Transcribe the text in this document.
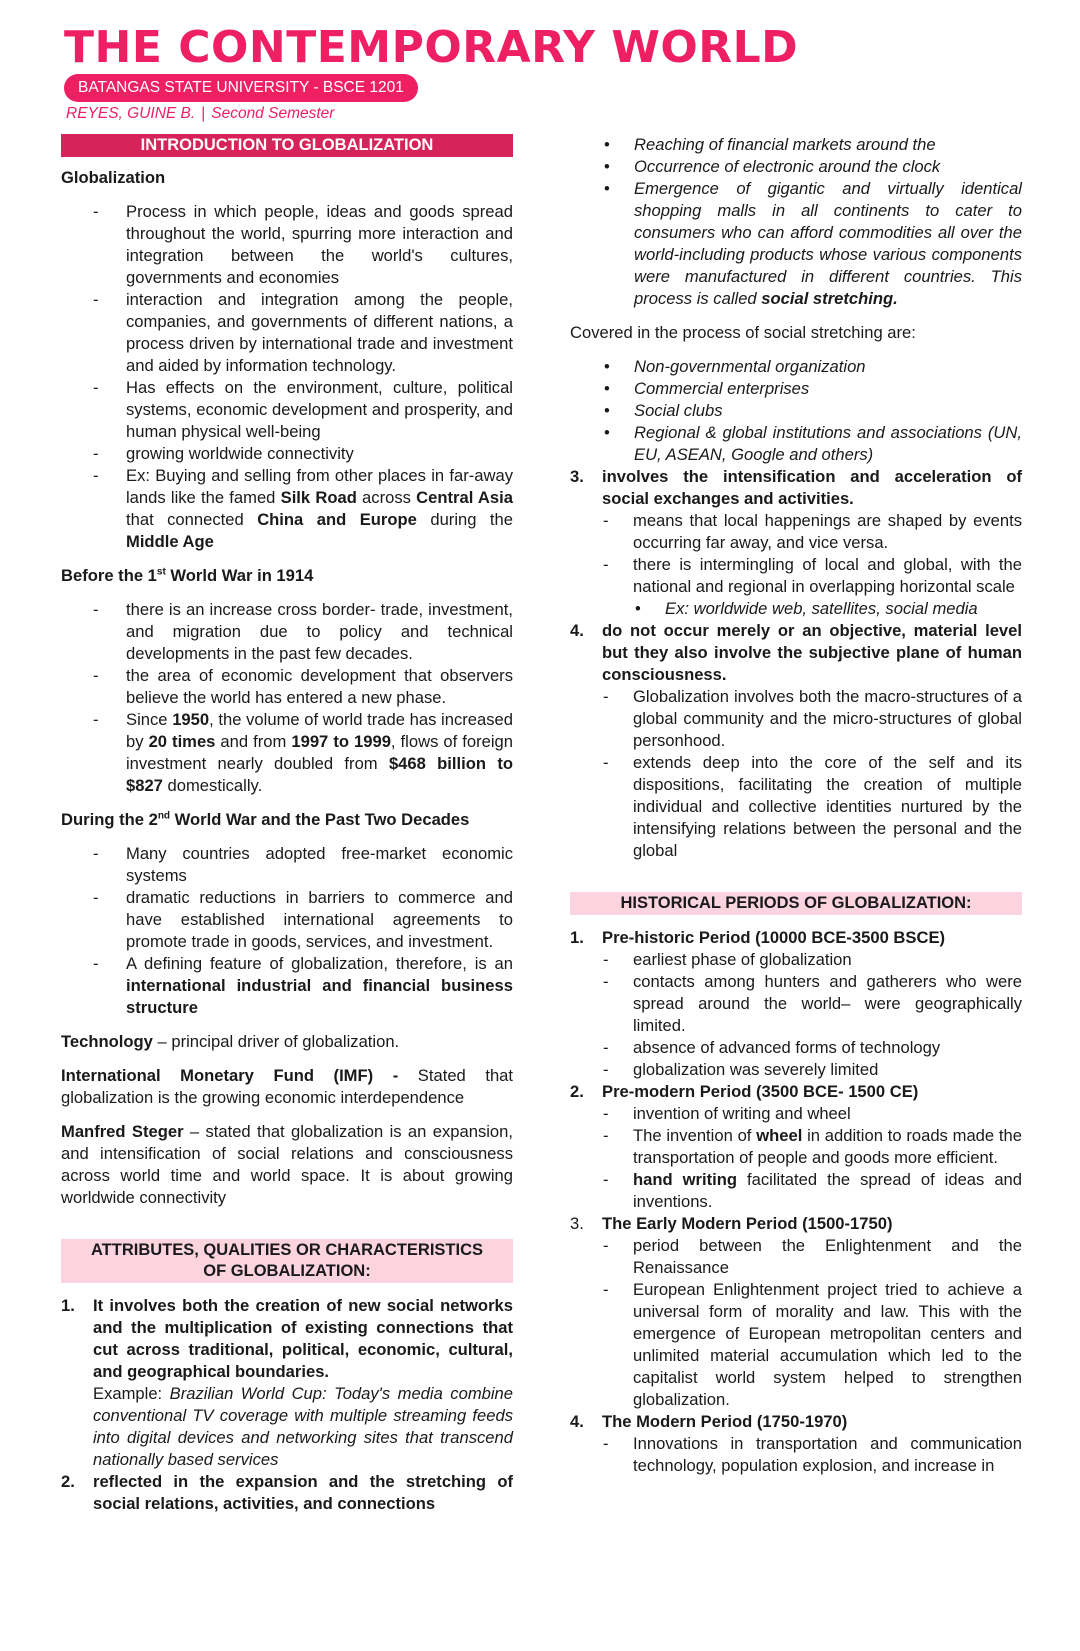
THE CONTEMPORARY WORLD
BATANGAS STATE UNIVERSITY - BSCE 1201
REYES, GUINE B. | Second Semester
INTRODUCTION TO GLOBALIZATION

Globalization

- Process in which people, ideas and goods spread throughout the world, spurring more interaction and integration between the world's cultures, governments and economies
- interaction and integration among the people, companies, and governments of different nations, a process driven by international trade and investment and aided by information technology.
- Has effects on the environment, culture, political systems, economic development and prosperity, and human physical well-being
- growing worldwide connectivity
- Ex: Buying and selling from other places in far-away lands like the famed Silk Road across Central Asia that connected China and Europe during the Middle Age

Before the 1st World War in 1914

- there is an increase cross border- trade, investment, and migration due to policy and technical developments in the past few decades.
- the area of economic development that observers believe the world has entered a new phase.
- Since 1950, the volume of world trade has increased by 20 times and from 1997 to 1999, flows of foreign investment nearly doubled from $468 billion to $827 domestically.

During the 2nd World War and the Past Two Decades

- Many countries adopted free-market economic systems
- dramatic reductions in barriers to commerce and have established international agreements to promote trade in goods, services, and investment.
- A defining feature of globalization, therefore, is an international industrial and financial business structure

Technology – principal driver of globalization.

International Monetary Fund (IMF) - Stated that globalization is the growing economic interdependence

Manfred Steger – stated that globalization is an expansion, and intensification of social relations and consciousness across world time and world space. It is about growing worldwide connectivity

ATTRIBUTES, QUALITIES OR CHARACTERISTICS
OF GLOBALIZATION:
1. It involves both the creation of new social networks and the multiplication of existing connections that cut across traditional, political, economic, cultural, and geographical boundaries.

Example: Brazilian World Cup: Today's media combine conventional TV coverage with multiple streaming feeds into digital devices and networking sites that transcend nationally based services

2. reflected in the expansion and the stretching of social relations, activities, and connections

• Reaching of financial markets around the
• Occurrence of electronic around the clock
• Emergence of gigantic and virtually identical shopping malls in all continents to cater to consumers who can afford commodities all over the world-including products whose various components were manufactured in different countries. This process is called social stretching.

Covered in the process of social stretching are:

• Non-governmental organization
• Commercial enterprises
• Social clubs
• Regional & global institutions and associations (UN, EU, ASEAN, Google and others)
3. involves the intensification and acceleration of social exchanges and activities.

- means that local happenings are shaped by events occurring far away, and vice versa.
- there is intermingling of local and global, with the national and regional in overlapping horizontal scale
• Ex: worldwide web, satellites, social media
4. do not occur merely or an objective, material level but they also involve the subjective plane of human consciousness.

- Globalization involves both the macro-structures of a global community and the micro-structures of global personhood.
- extends deep into the core of the self and its dispositions, facilitating the creation of multiple individual and collective identities nurtured by the intensifying relations between the personal and the global
HISTORICAL PERIODS OF GLOBALIZATION:
1. Pre-historic Period (10000 BCE-3500 BSCE)

- earliest phase of globalization
- contacts among hunters and gatherers who were spread around the world– were geographically limited.
- absence of advanced forms of technology
- globalization was severely limited
2. Pre-modern Period (3500 BCE- 1500 CE)

- invention of writing and wheel
- The invention of wheel in addition to roads made the transportation of people and goods more efficient.
- hand writing facilitated the spread of ideas and inventions.
3. The Early Modern Period (1500-1750)

- period between the Enlightenment and the Renaissance
- European Enlightenment project tried to achieve a universal form of morality and law. This with the emergence of European metropolitan centers and unlimited material accumulation which led to the capitalist world system helped to strengthen globalization.
4. The Modern Period (1750-1970)

- Innovations in transportation and communication technology, population explosion, and increase in
